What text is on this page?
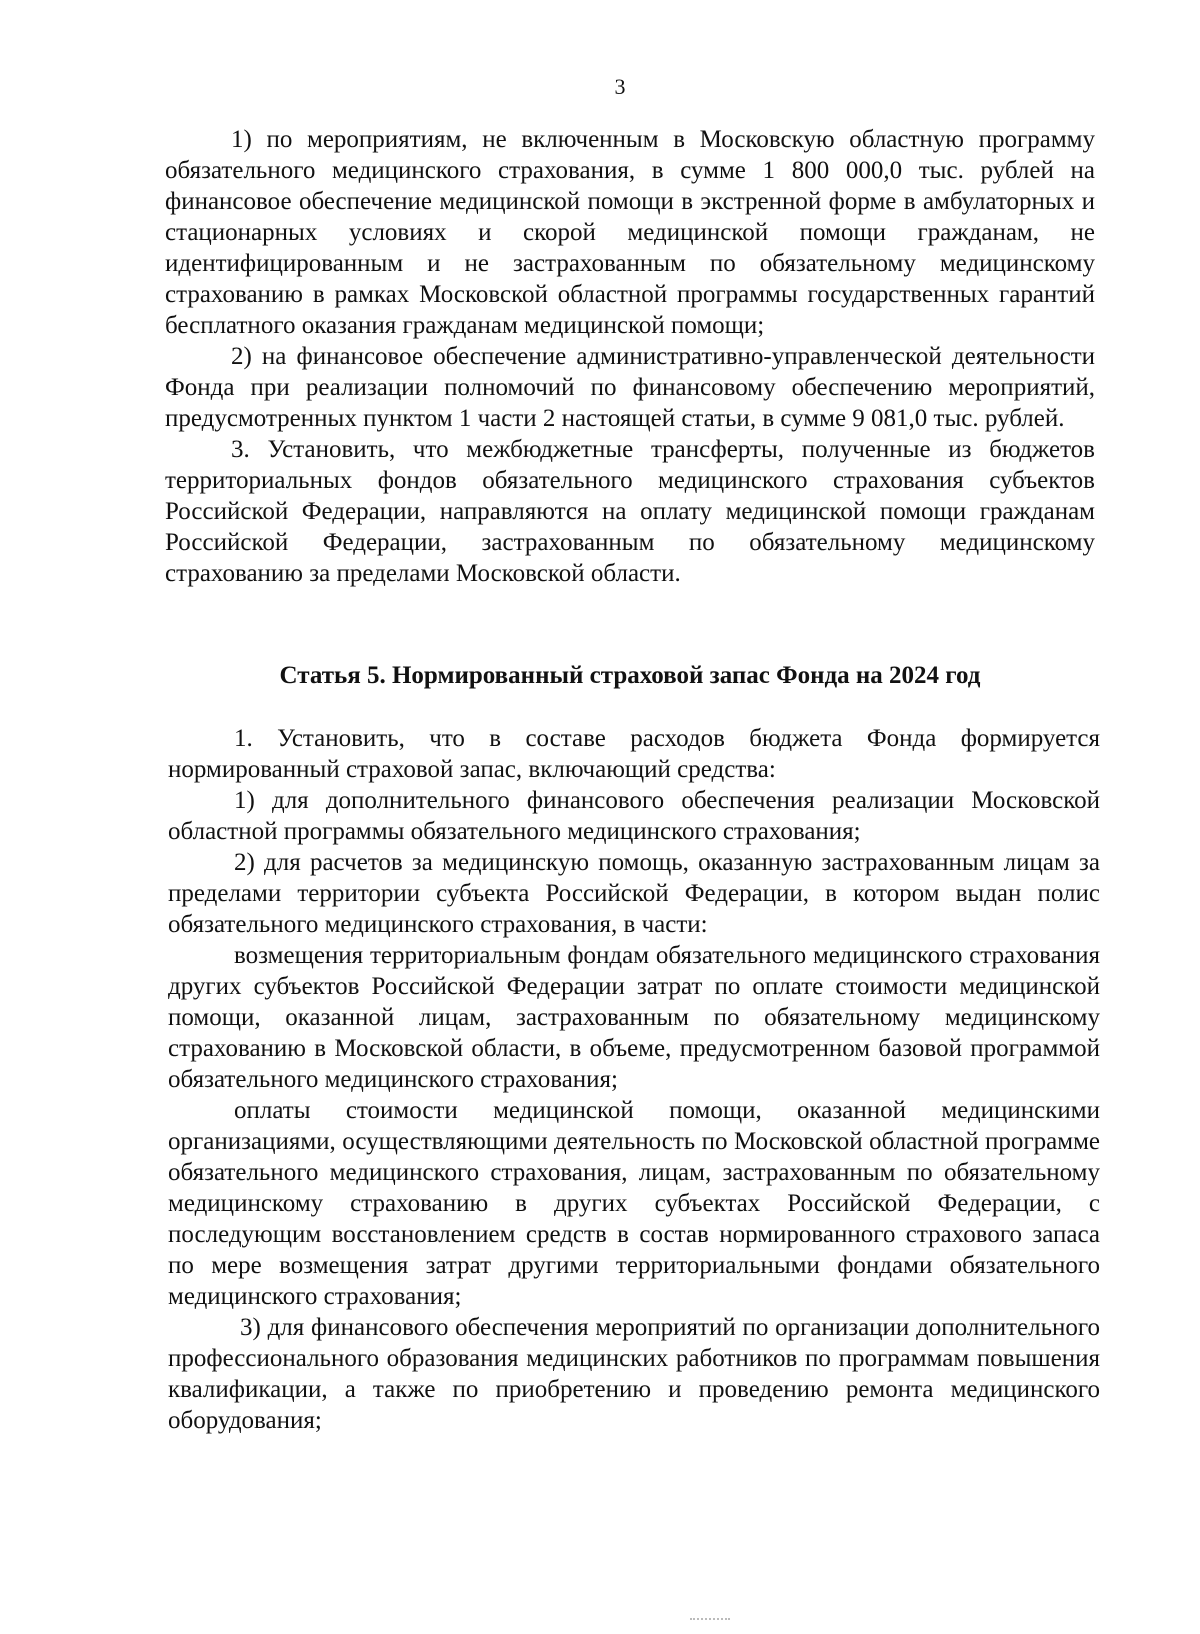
3

1) по мероприятиям, не включенным в Московскую областную программу обязательного медицинского страхования, в сумме 1 800 000,0 тыс. рублей на финансовое обеспечение медицинской помощи в экстренной форме в амбулаторных и стационарных условиях и скорой медицинской помощи гражданам, не идентифицированным и не застрахованным по обязательному медицинскому страхованию в рамках Московской областной программы государственных гарантий бесплатного оказания гражданам медицинской помощи;

2) на финансовое обеспечение административно-управленческой деятельности Фонда при реализации полномочий по финансовому обеспечению мероприятий, предусмотренных пунктом 1 части 2 настоящей статьи, в сумме 9 081,0 тыс. рублей.

3. Установить, что межбюджетные трансферты, полученные из бюджетов территориальных фондов обязательного медицинского страхования субъектов Российской Федерации, направляются на оплату медицинской помощи гражданам Российской Федерации, застрахованным по обязательному медицинскому страхованию за пределами Московской области.

Статья 5. Нормированный страховой запас Фонда на 2024 год

1. Установить, что в составе расходов бюджета Фонда формируется нормированный страховой запас, включающий средства:

1) для дополнительного финансового обеспечения реализации Московской областной программы обязательного медицинского страхования;

2) для расчетов за медицинскую помощь, оказанную застрахованным лицам за пределами территории субъекта Российской Федерации, в котором выдан полис обязательного медицинского страхования, в части:

возмещения территориальным фондам обязательного медицинского страхования других субъектов Российской Федерации затрат по оплате стоимости медицинской помощи, оказанной лицам, застрахованным по обязательному медицинскому страхованию в Московской области, в объеме, предусмотренном базовой программой обязательного медицинского страхования;

оплаты стоимости медицинской помощи, оказанной медицинскими организациями, осуществляющими деятельность по Московской областной программе обязательного медицинского страхования, лицам, застрахованным по обязательному медицинскому страхованию в других субъектах Российской Федерации, с последующим восстановлением средств в состав нормированного страхового запаса по мере возмещения затрат другими территориальными фондами обязательного медицинского страхования;

3) для финансового обеспечения мероприятий по организации дополнительного профессионального образования медицинских работников по программам повышения квалификации, а также по приобретению и проведению ремонта медицинского оборудования;
